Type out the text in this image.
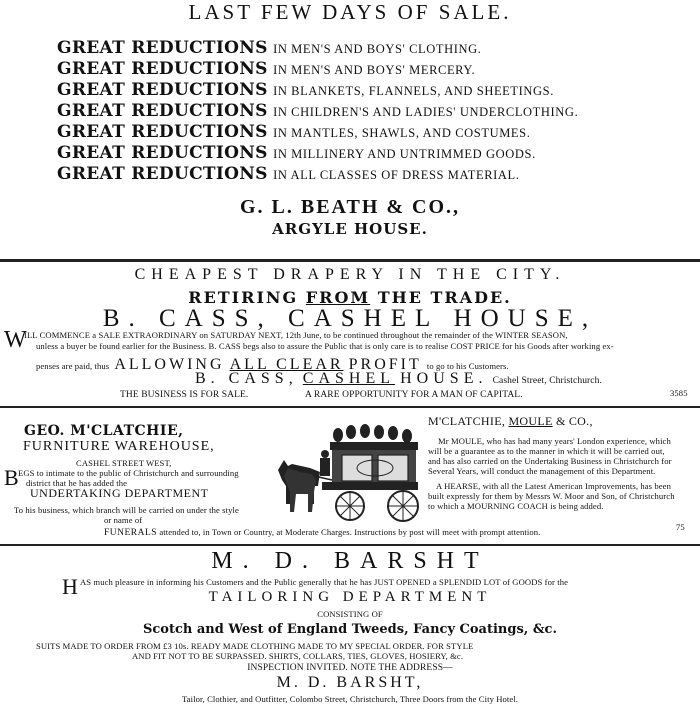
LAST FEW DAYS OF SALE.
GREAT REDUCTIONS IN MEN'S AND BOYS' CLOTHING.
GREAT REDUCTIONS IN MEN'S AND BOYS' MERCERY.
GREAT REDUCTIONS IN BLANKETS, FLANNELS, AND SHEETINGS.
GREAT REDUCTIONS IN CHILDREN'S AND LADIES' UNDERCLOTHING.
GREAT REDUCTIONS IN MANTLES, SHAWLS, AND COSTUMES.
GREAT REDUCTIONS IN MILLINERY AND UNTRIMMED GOODS.
GREAT REDUCTIONS IN ALL CLASSES OF DRESS MATERIAL.
G. L. BEATH & CO.,
ARGYLE HOUSE.
CHEAPEST DRAPERY IN THE CITY.
RETIRING FROM THE TRADE.
B. CASS, CASHEL HOUSE,
W
ILL COMMENCE a SALE EXTRAORDINARY on SATURDAY NEXT, 12th June, to be continued throughout the remainder of the WINTER SEASON,
unless a buyer be found earlier for the Business. B. CASS begs also to assure the Public that is only care is to realise COST PRICE for his Goods after working ex-
penses are paid, thus ALLOWING ALL CLEAR PROFIT to go to his Customers.
B. CASS, CASHEL HOUSE. Cashel Street, Christchurch.
THE BUSINESS IS FOR SALE.	A RARE OPPORTUNITY FOR A MAN OF CAPITAL.	3585
GEO. M'CLATCHIE,
FURNITURE WAREHOUSE,
CASHEL STREET WEST,
B EGS to intimate to the public of Christchurch and surrounding
district that he has added the
UNDERTAKING DEPARTMENT
To his business, which branch will be carried on under the style
or name of
M'CLATCHIE, MOULE & CO.,
Mr MOULE, who has had many years' London experience, which
will be a guarantee as to the manner in which it will be carried out,
and has also carried on the Undertaking Business in Christchurch for
Several Years, will conduct the management of this Department.
A HEARSE, with all the Latest American Improvements, has been
built expressly for them by Messrs W. Moor and Son, of Christchurch
to which a MOURNING COACH is being added.
FUNERALS attended to, in Town or Country, at Moderate Charges. Instructions by post will meet with prompt attention.	75
M. D. BARSHT
H AS much pleasure in informing his Customers and the Public generally that he has JUST OPENED a SPLENDID LOT of GOODS for the
TAILORING DEPARTMENT
CONSISTING OF
Scotch and West of England Tweeds, Fancy Coatings, &c.
SUITS MADE TO ORDER FROM £3 10s. READY MADE CLOTHING MADE TO MY SPECIAL ORDER. FOR STYLE
AND FIT NOT TO BE SURPASSED. SHIRTS, COLLARS, TIES, GLOVES, HOSIERY, &c.
INSPECTION INVITED. NOTE THE ADDRESS—
M. D. BARSHT,
Tailor, Clothier, and Outfitter, Colombo Street, Christchurch, Three Doors from the City Hotel.
